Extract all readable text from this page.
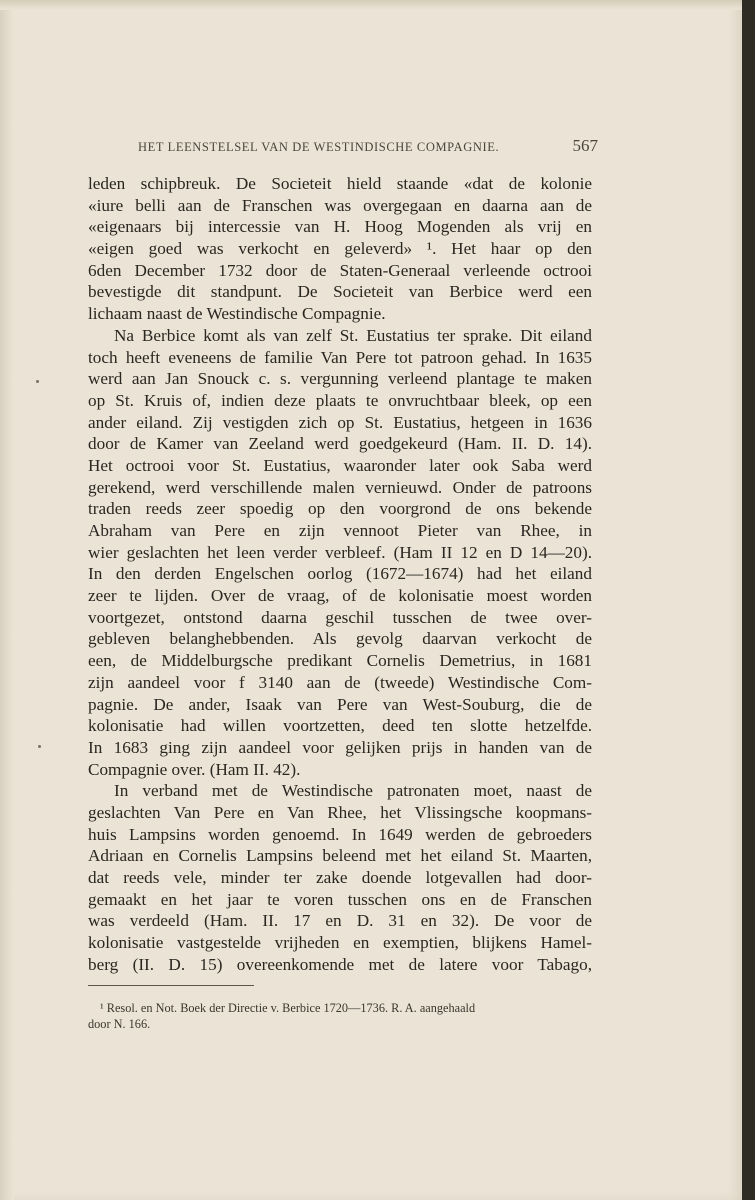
HET LEENSTELSEL VAN DE WESTINDISCHE COMPAGNIE.	567
leden schipbreuk. De Societeit hield staande «dat de kolonie
«iure belli aan de Franschen was overgegaan en daarna aan de
«eigenaars bij intercessie van H. Hoog Mogenden als vrij en
«eigen goed was verkocht en geleverd» ¹. Het haar op den
6den December 1732 door de Staten-Generaal verleende octrooi
bevestigde dit standpunt. De Societeit van Berbice werd een
lichaam naast de Westindische Compagnie.
Na Berbice komt als van zelf St. Eustatius ter sprake. Dit eiland
toch heeft eveneens de familie Van Pere tot patroon gehad. In 1635
werd aan Jan Snouck c. s. vergunning verleend plantage te maken
op St. Kruis of, indien deze plaats te onvruchtbaar bleek, op een
ander eiland. Zij vestigden zich op St. Eustatius, hetgeen in 1636
door de Kamer van Zeeland werd goedgekeurd (Ham. II. D. 14).
Het octrooi voor St. Eustatius, waaronder later ook Saba werd
gerekend, werd verschillende malen vernieuwd. Onder de patroons
traden reeds zeer spoedig op den voorgrond de ons bekende
Abraham van Pere en zijn vennoot Pieter van Rhee, in
wier geslachten het leen verder verbleef. (Ham II 12 en D 14—20).
In den derden Engelschen oorlog (1672—1674) had het eiland
zeer te lijden. Over de vraag, of de kolonisatie moest worden
voortgezet, ontstond daarna geschil tusschen de twee over-
gebleven belanghebbenden. Als gevolg daarvan verkocht de
een, de Middelburgsche predikant Cornelis Demetrius, in 1681
zijn aandeel voor f 3140 aan de (tweede) Westindische Com-
pagnie. De ander, Isaak van Pere van West-Souburg, die de
kolonisatie had willen voortzetten, deed ten slotte hetzelfde.
In 1683 ging zijn aandeel voor gelijken prijs in handen van de
Compagnie over. (Ham II. 42).
In verband met de Westindische patronaten moet, naast de
geslachten Van Pere en Van Rhee, het Vlissingsche koopmans-
huis Lampsins worden genoemd. In 1649 werden de gebroeders
Adriaan en Cornelis Lampsins beleend met het eiland St. Maarten,
dat reeds vele, minder ter zake doende lotgevallen had door-
gemaakt en het jaar te voren tusschen ons en de Franschen
was verdeeld (Ham. II. 17 en D. 31 en 32). De voor de
kolonisatie vastgestelde vrijheden en exemptien, blijkens Hamel-
berg (II. D. 15) overeenkomende met de latere voor Tabago,
¹ Resol. en Not. Boek der Directie v. Berbice 1720—1736. R. A. aangehaald
door N. 166.
